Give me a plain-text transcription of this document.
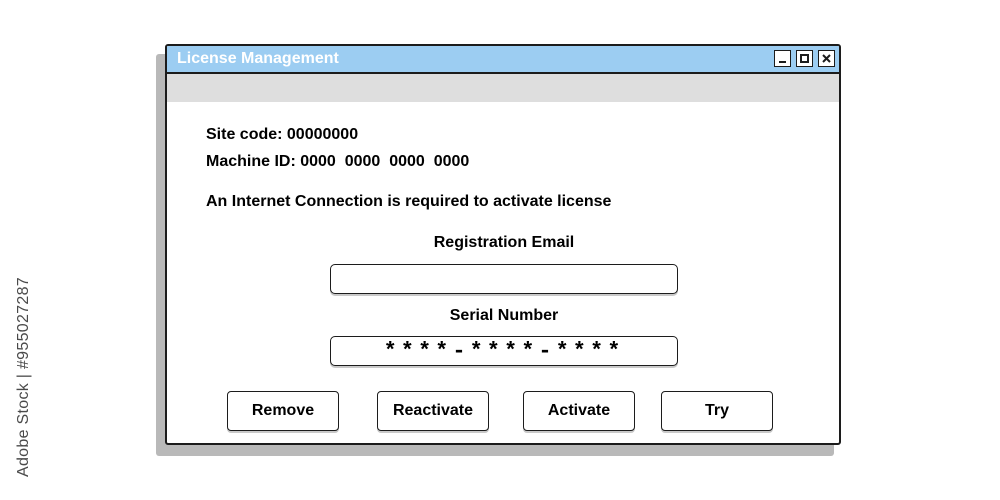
Adobe Stock | #955027287
License Management
Site code: 00000000
Machine ID: 0000  0000  0000  0000
An Internet Connection is required to activate license
Registration Email
Serial Number
****-****-****
Remove	Reactivate	Activate	Try
